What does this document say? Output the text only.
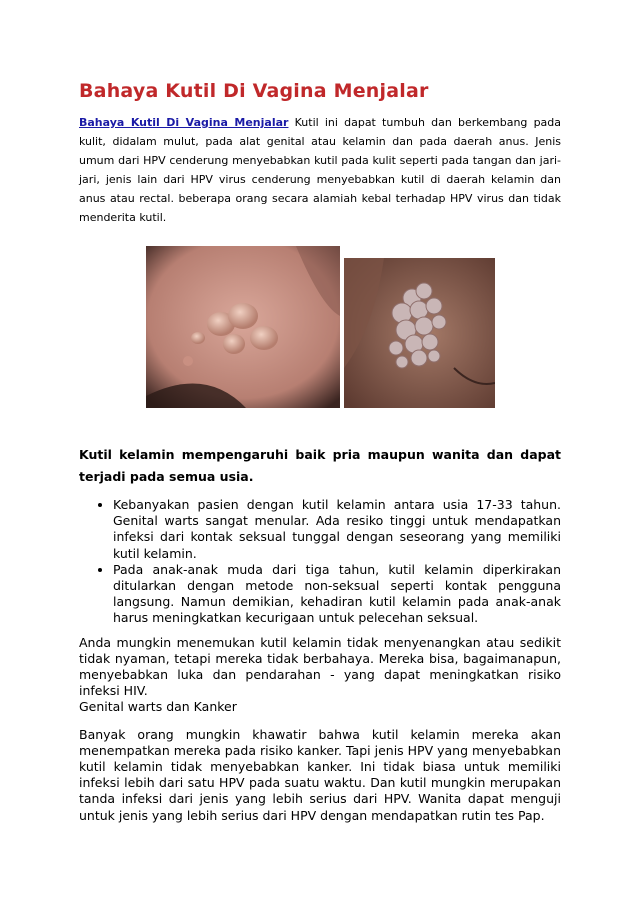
Bahaya Kutil Di Vagina Menjalar

Bahaya Kutil Di Vagina Menjalar Kutil ini dapat tumbuh dan berkembang pada kulit, didalam mulut, pada alat genital atau kelamin dan pada daerah anus. Jenis umum dari HPV cenderung menyebabkan kutil pada kulit seperti pada tangan dan jari-jari, jenis lain dari HPV virus cenderung menyebabkan kutil di daerah kelamin dan anus atau rectal. beberapa orang secara alamiah kebal terhadap HPV virus dan tidak menderita kutil.

Kutil kelamin mempengaruhi baik pria maupun wanita dan dapat terjadi pada semua usia.

• Kebanyakan pasien dengan kutil kelamin antara usia 17-33 tahun. Genital warts sangat menular. Ada resiko tinggi untuk mendapatkan infeksi dari kontak seksual tunggal dengan seseorang yang memiliki kutil kelamin.
• Pada anak-anak muda dari tiga tahun, kutil kelamin diperkirakan ditularkan dengan metode non-seksual seperti kontak pengguna langsung. Namun demikian, kehadiran kutil kelamin pada anak-anak harus meningkatkan kecurigaan untuk pelecehan seksual.

Anda mungkin menemukan kutil kelamin tidak menyenangkan atau sedikit tidak nyaman, tetapi mereka tidak berbahaya. Mereka bisa, bagaimanapun, menyebabkan luka dan pendarahan - yang dapat meningkatkan risiko infeksi HIV.
Genital warts dan Kanker

Banyak orang mungkin khawatir bahwa kutil kelamin mereka akan menempatkan mereka pada risiko kanker. Tapi jenis HPV yang menyebabkan kutil kelamin tidak menyebabkan kanker. Ini tidak biasa untuk memiliki infeksi lebih dari satu HPV pada suatu waktu. Dan kutil mungkin merupakan tanda infeksi dari jenis yang lebih serius dari HPV. Wanita dapat menguji untuk jenis yang lebih serius dari HPV dengan mendapatkan rutin tes Pap.
